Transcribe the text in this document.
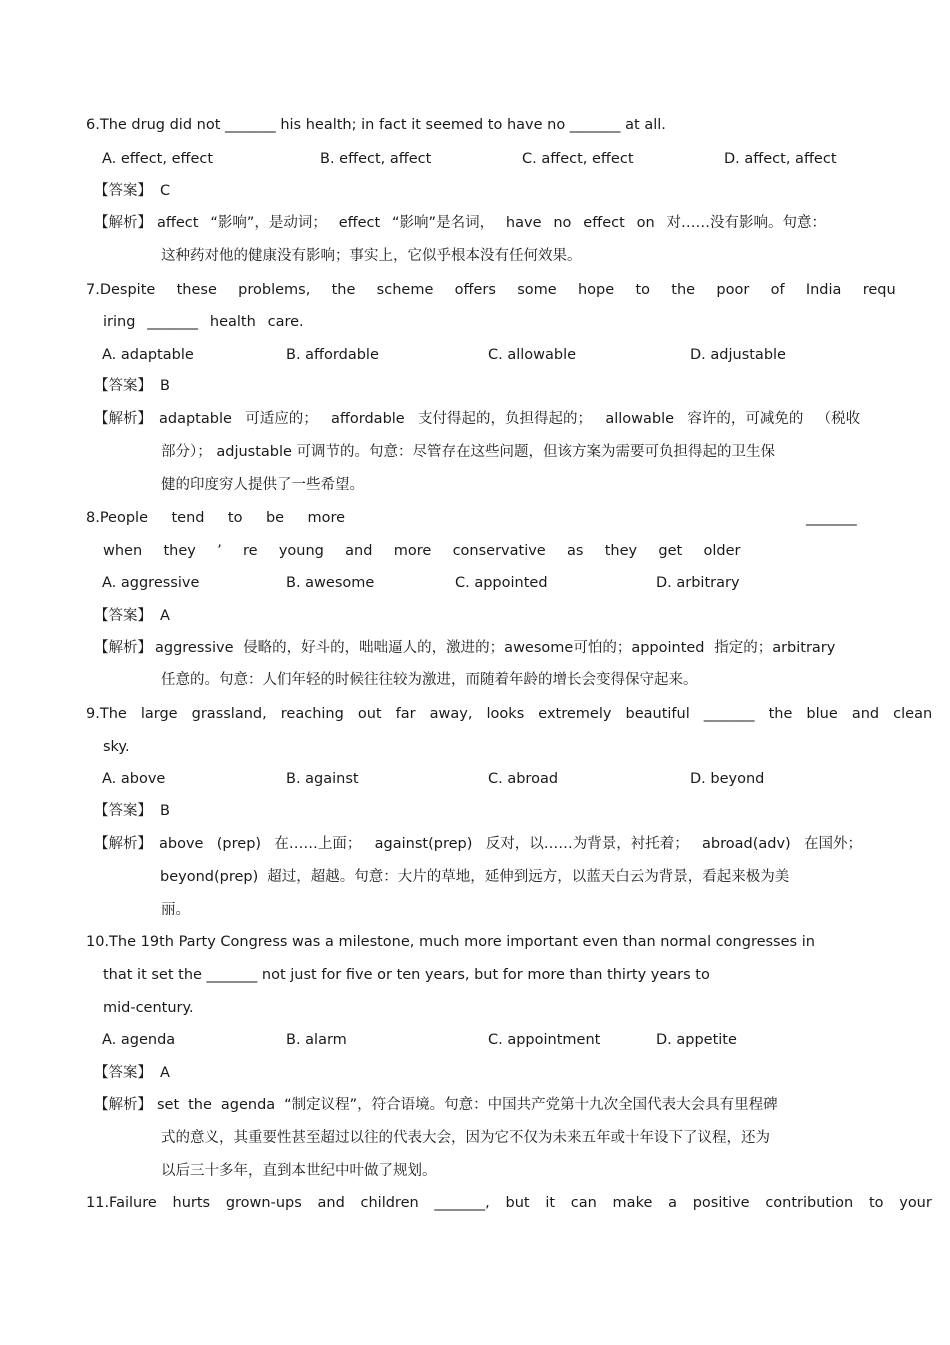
6.The drug did not _______ his health; in fact it seemed to have no _______ at all.
A. effect, effect	B. effect, affect	C. affect, effect	D. affect, affect
【答案】 C
【解析】 affect “影响”，是动词； effect “影响”是名词， have no effect on 对……没有影响。句意：
这种药对他的健康没有影响；事实上，它似乎根本没有任何效果。
7.Despite these problems, the scheme offers some hope to the poor of India requ
iring _______ health care.
A. adaptable	B. affordable	C. allowable	D. adjustable
【答案】 B
【解析】 adaptable 可适应的； affordable 支付得起的，负担得起的； allowable 容许的，可减免的 （税收
部分）； adjustable 可调节的。句意：尽管存在这些问题，但该方案为需要可负担得起的卫生保
健的印度穷人提供了一些希望。
8.People tend to be more	_______
when they ’ re young and more conservative as they get older
A. aggressive	B. awesome	C. appointed	D. arbitrary
【答案】 A
【解析】 aggressive 侵略的，好斗的，咄咄逼人的，激进的；awesome可怕的；appointed 指定的；arbitrary
任意的。句意：人们年轻的时候往往较为激进，而随着年龄的增长会变得保守起来。
9.The large grassland, reaching out far away, looks extremely beautiful _______ the blue and clean
sky.
A. above	B. against	C. abroad	D. beyond
【答案】 B
【解析】 above (prep) 在……上面； against(prep) 反对，以……为背景，衬托着； abroad(adv) 在国外；
beyond(prep) 超过，超越。句意：大片的草地，延伸到远方，以蓝天白云为背景，看起来极为美
丽。
10.The 19th Party Congress was a milestone, much more important even than normal congresses in
that it set the _______ not just for five or ten years, but for more than thirty years to
mid-century.
A. agenda	B. alarm	C. appointment	D. appetite
【答案】 A
【解析】 set the agenda “制定议程”，符合语境。句意：中国共产党第十九次全国代表大会具有里程碑
式的意义，其重要性甚至超过以往的代表大会，因为它不仅为未来五年或十年设下了议程，还为
以后三十多年，直到本世纪中叶做了规划。
11.Failure hurts grown-ups and children _______, but it can make a positive contribution to your
